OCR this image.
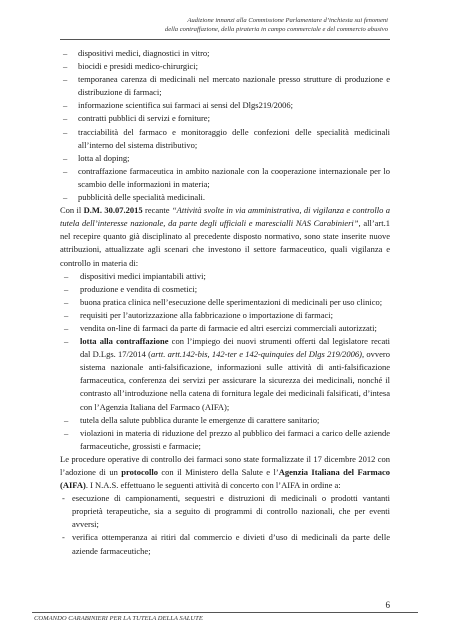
Audizione innanzi alla Commissione Parlamentare d’inchiesta sui fenomeni
della contraffazione, della pirateria in campo commerciale e del commercio abusivo
– dispositivi medici, diagnostici in vitro;
– biocidi e presidi medico-chirurgici;
– temporanea carenza di medicinali nel mercato nazionale presso strutture di produzione e distribuzione di farmaci;
– informazione scientifica sui farmaci ai sensi del Dlgs219/2006;
– contratti pubblici di servizi e forniture;
– tracciabilità del farmaco e monitoraggio delle confezioni delle specialità medicinali all’interno del sistema distributivo;
– lotta al doping;
– contraffazione farmaceutica in ambito nazionale con la cooperazione internazionale per lo scambio delle informazioni in materia;
– pubblicità delle specialità medicinali.

Con il D.M. 30.07.2015 recante “Attività svolte in via amministrativa, di vigilanza e controllo a tutela dell’interesse nazionale, da parte degli ufficiali e marescialli NAS Carabinieri”, all’art.1 nel recepire quanto già disciplinato al precedente disposto normativo, sono state inserite nuove attribuzioni, attualizzate agli scenari che investono il settore farmaceutico, quali vigilanza e controllo in materia di:

– dispositivi medici impiantabili attivi;
– produzione e vendita di cosmetici;
– buona pratica clinica nell’esecuzione delle sperimentazioni di medicinali per uso clinico;
– requisiti per l’autorizzazione alla fabbricazione o importazione di farmaci;
– vendita on-line di farmaci da parte di farmacie ed altri esercizi commerciali autorizzati;
– lotta alla contraffazione con l’impiego dei nuovi strumenti offerti dal legislatore recati dal D.Lgs. 17/2014 (artt. artt.142-bis, 142-ter e 142-quinquies del Dlgs 219/2006), ovvero sistema nazionale anti-falsificazione, informazioni sulle attività di anti-falsificazione farmaceutica, conferenza dei servizi per assicurare la sicurezza dei medicinali, nonché il contrasto all’introduzione nella catena di fornitura legale dei medicinali falsificati, d’intesa con l’Agenzia Italiana del Farmaco (AIFA);
– tutela della salute pubblica durante le emergenze di carattere sanitario;
– violazioni in materia di riduzione del prezzo al pubblico dei farmaci a carico delle aziende farmaceutiche, grossisti e farmacie;

Le procedure operative di controllo dei farmaci sono state formalizzate il 17 dicembre 2012 con l’adozione di un protocollo con il Ministero della Salute e l’Agenzia Italiana del Farmaco (AIFA). I N.A.S. effettuano le seguenti attività di concerto con l’AIFA in ordine a:

- esecuzione di campionamenti, sequestri e distruzioni di medicinali o prodotti vantanti proprietà terapeutiche, sia a seguito di programmi di controllo nazionali, che per eventi avversi;
- verifica ottemperanza ai ritiri dal commercio e divieti d’uso di medicinali da parte delle aziende farmaceutiche;
6
COMANDO CARABINIERI PER LA TUTELA DELLA SALUTE
